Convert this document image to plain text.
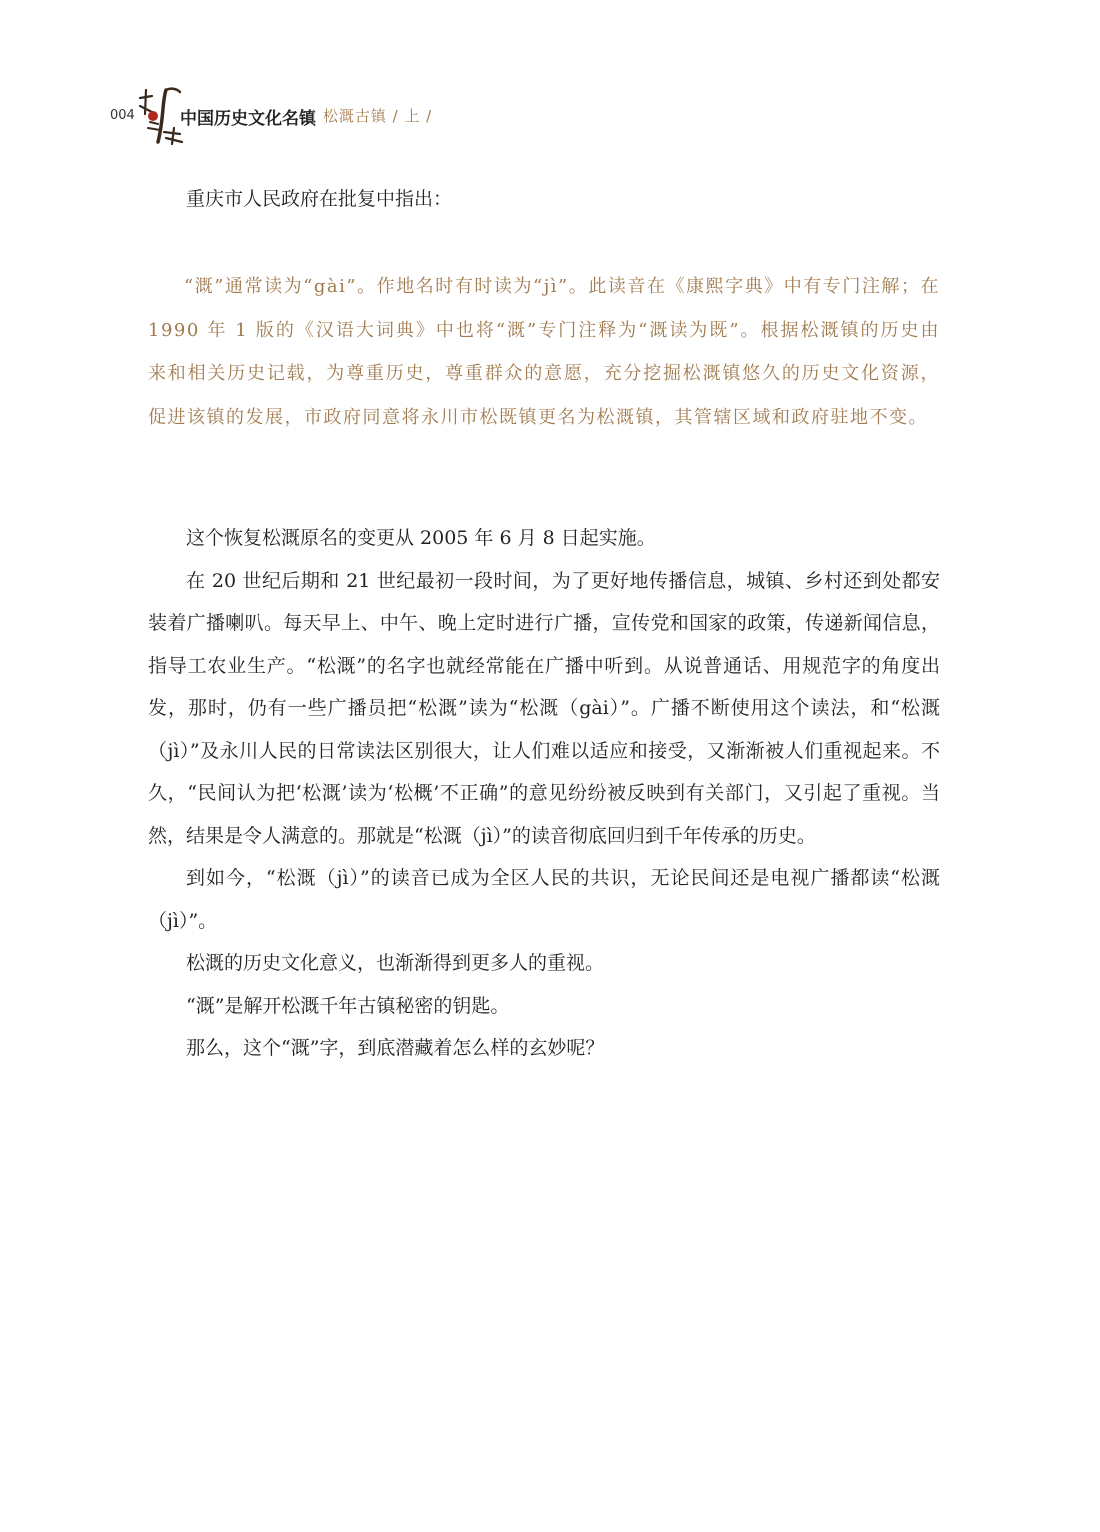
004	中国历史文化名镇
| 松溉古镇 / 上 /

重庆市人民政府在批复中指出：

“溉”通常读为“gài”。作地名时有时读为“jì”。此读音在《康熙字典》中有专门注解；在 1990 年 1 版的《汉语大词典》中也将“溉”专门注释为“溉读为既”。根据松溉镇的历史由来和相关历史记载，为尊重历史，尊重群众的意愿，充分挖掘松溉镇悠久的历史文化资源，促进该镇的发展，市政府同意将永川市松既镇更名为松溉镇，其管辖区域和政府驻地不变。

这个恢复松溉原名的变更从 2005 年 6 月 8 日起实施。

在 20 世纪后期和 21 世纪最初一段时间，为了更好地传播信息，城镇、乡村还到处都安装着广播喇叭。每天早上、中午、晚上定时进行广播，宣传党和国家的政策，传递新闻信息，指导工农业生产。“松溉”的名字也就经常能在广播中听到。从说普通话、用规范字的角度出发，那时，仍有一些广播员把“松溉”读为“松溉（gài）”。广播不断使用这个读法，和“松溉（jì）”及永川人民的日常读法区别很大，让人们难以适应和接受，又渐渐被人们重视起来。不久，“民间认为把‘松溉’读为‘松概’不正确”的意见纷纷被反映到有关部门，又引起了重视。当然，结果是令人满意的。那就是“松溉（jì）”的读音彻底回归到千年传承的历史。

到如今，“松溉（jì）”的读音已成为全区人民的共识，无论民间还是电视广播都读“松溉（jì）”。

松溉的历史文化意义，也渐渐得到更多人的重视。

“溉”是解开松溉千年古镇秘密的钥匙。

那么，这个“溉”字，到底潜藏着怎么样的玄妙呢？
